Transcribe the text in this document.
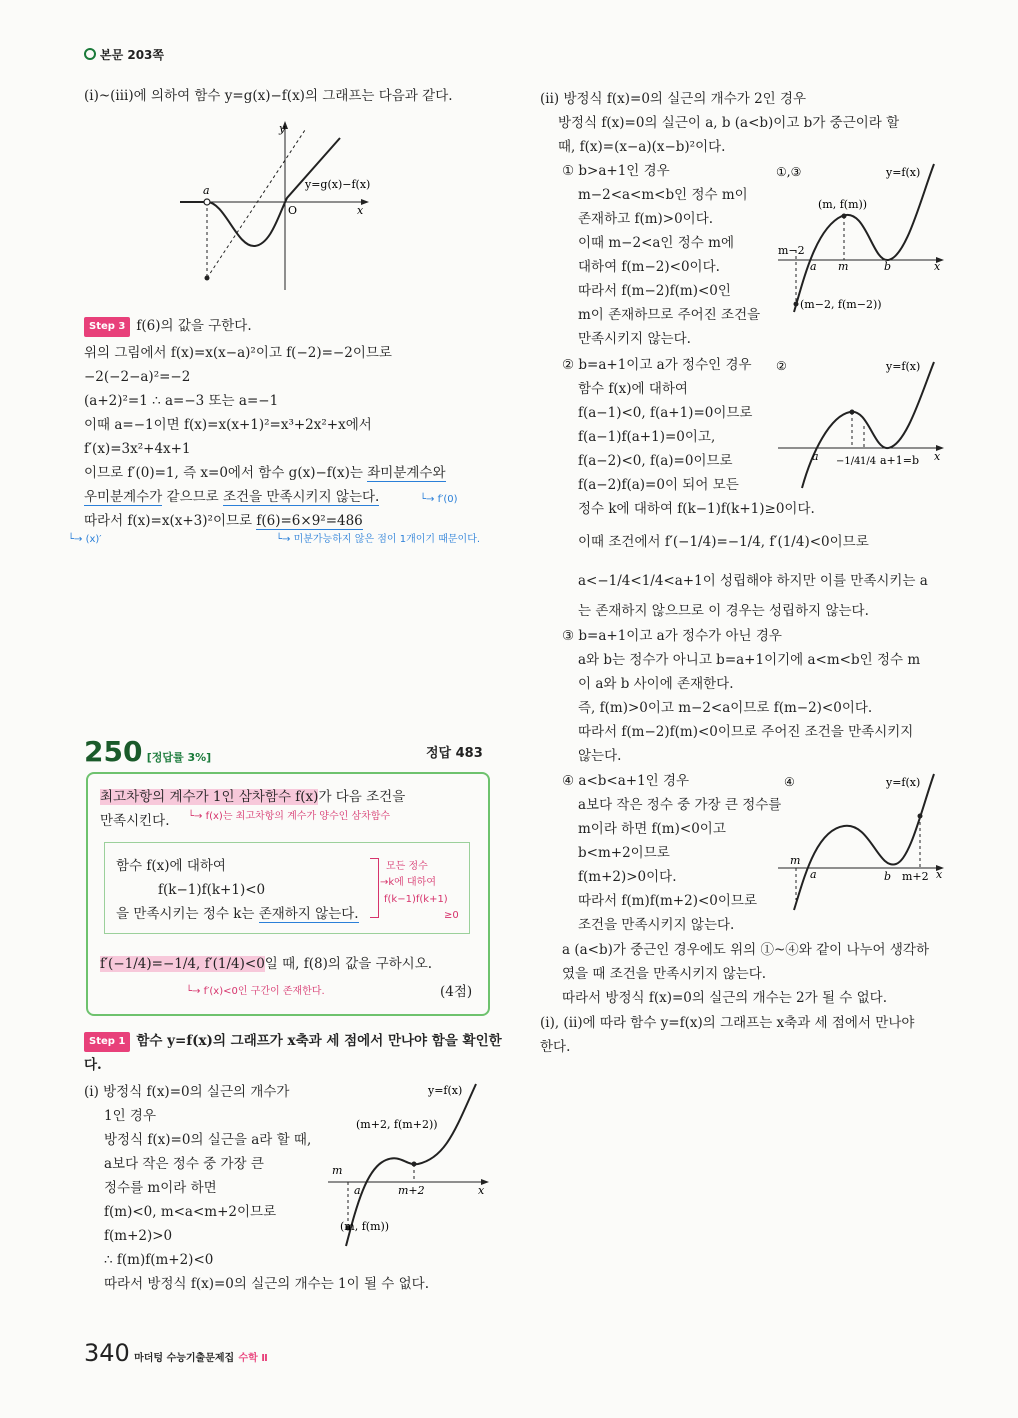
본문 203쪽
(ⅰ)~(ⅲ)에 의하여 함수 y=g(x)−f(x)의 그래프는 다음과 같다.
y
x
O
a	y=g(x)−f(x)
Step 3 f(6)의 값을 구한다.
위의 그림에서 f(x)=x(x−a)²이고 f(−2)=−2이므로
−2(−2−a)²=−2
(a+2)²=1 ∴ a=−3 또는 a=−1
이때 a=−1이면 f(x)=x(x+1)²=x³+2x²+x에서
f′(x)=3x²+4x+1
이므로 f′(0)=1, 즉 x=0에서 함수 g(x)−f(x)는 좌미분계수와
우미분계수가 같으므로 조건을 만족시키지 않는다.	└→ f′(0)
따라서 f(x)=x(x+3)²이므로 f(6)=6×9²=486
└→ (x)′	└→ 미분가능하지 않은 점이 1개이기 때문이다.
250 [정답률 3%]	정답 483
최고차항의 계수가 1인 삼차함수 f(x)가 다음 조건을
만족시킨다. └→ f(x)는 최고차항의 계수가 양수인 삼차함수
함수 f(x)에 대하여
f(k−1)f(k+1)<0
을 만족시키는 정수 k는 존재하지 않는다.
모든 정수
→k에 대하여
f(k−1)f(k+1)
≥0
f′(−1/4)=−1/4, f′(1/4)<0일 때, f(8)의 값을 구하시오.
└→ f′(x)<0인 구간이 존재한다.	(4점)
Step 1 함수 y=f(x)의 그래프가 x축과 세 점에서 만나야 함을 확인한
다.
(ⅰ) 방정식 f(x)=0의 실근의 개수가
1인 경우
방정식 f(x)=0의 실근을 a라 할 때,
a보다 작은 정수 중 가장 큰
정수를 m이라 하면
f(m)<0, m<a<m+2이므로
f(m+2)>0
∴ f(m)f(m+2)<0
따라서 방정식 f(x)=0의 실근의 개수는 1이 될 수 없다.
y=f(x)
(m+2, f(m+2))
(m, f(m))
m
a	m+2	x
(ⅱ) 방정식 f(x)=0의 실근의 개수가 2인 경우
방정식 f(x)=0의 실근이 a, b (a<b)이고 b가 중근이라 할
때, f(x)=(x−a)(x−b)²이다.
① b>a+1인 경우
m−2<a<m<b인 정수 m이
존재하고 f(m)>0이다.
이때 m−2<a인 정수 m에
대하여 f(m−2)<0이다.
따라서 f(m−2)f(m)<0인
m이 존재하므로 주어진 조건을
만족시키지 않는다.
①,③	y=f(x)
(m, f(m))
(m−2, f(m−2))
m−2
a m	b	x
② b=a+1이고 a가 정수인 경우
함수 f(x)에 대하여
f(a−1)<0, f(a+1)=0이므로
f(a−1)f(a+1)=0이고,
f(a−2)<0, f(a)=0이므로
f(a−2)f(a)=0이 되어 모든
정수 k에 대하여 f(k−1)f(k+1)≥0이다.
②	y=f(x)
a −1/4 1/4 a+1=b x
이때 조건에서 f′(−1/4)=−1/4, f′(1/4)<0이므로
a<−1/4<1/4<a+1이 성립해야 하지만 이를 만족시키는 a
는 존재하지 않으므로 이 경우는 성립하지 않는다.
③ b=a+1이고 a가 정수가 아닌 경우
a와 b는 정수가 아니고 b=a+1이기에 a<m<b인 정수 m
이 a와 b 사이에 존재한다.
즉, f(m)>0이고 m−2<a이므로 f(m−2)<0이다.
따라서 f(m−2)f(m)<0이므로 주어진 조건을 만족시키지
않는다.
④ a<b<a+1인 경우
a보다 작은 정수 중 가장 큰 정수를
m이라 하면 f(m)<0이고
b<m+2이므로
f(m+2)>0이다.
따라서 f(m)f(m+2)<0이므로
조건을 만족시키지 않는다.
④	y=f(x)
m
a	b m+2 x
a (a<b)가 중근인 경우에도 위의 ①~④와 같이 나누어 생각하
였을 때 조건을 만족시키지 않는다.
따라서 방정식 f(x)=0의 실근의 개수는 2가 될 수 없다.
(ⅰ), (ⅱ)에 따라 함수 y=f(x)의 그래프는 x축과 세 점에서 만나야
한다.
340 마더텅 수능기출문제집 수학 Ⅱ
